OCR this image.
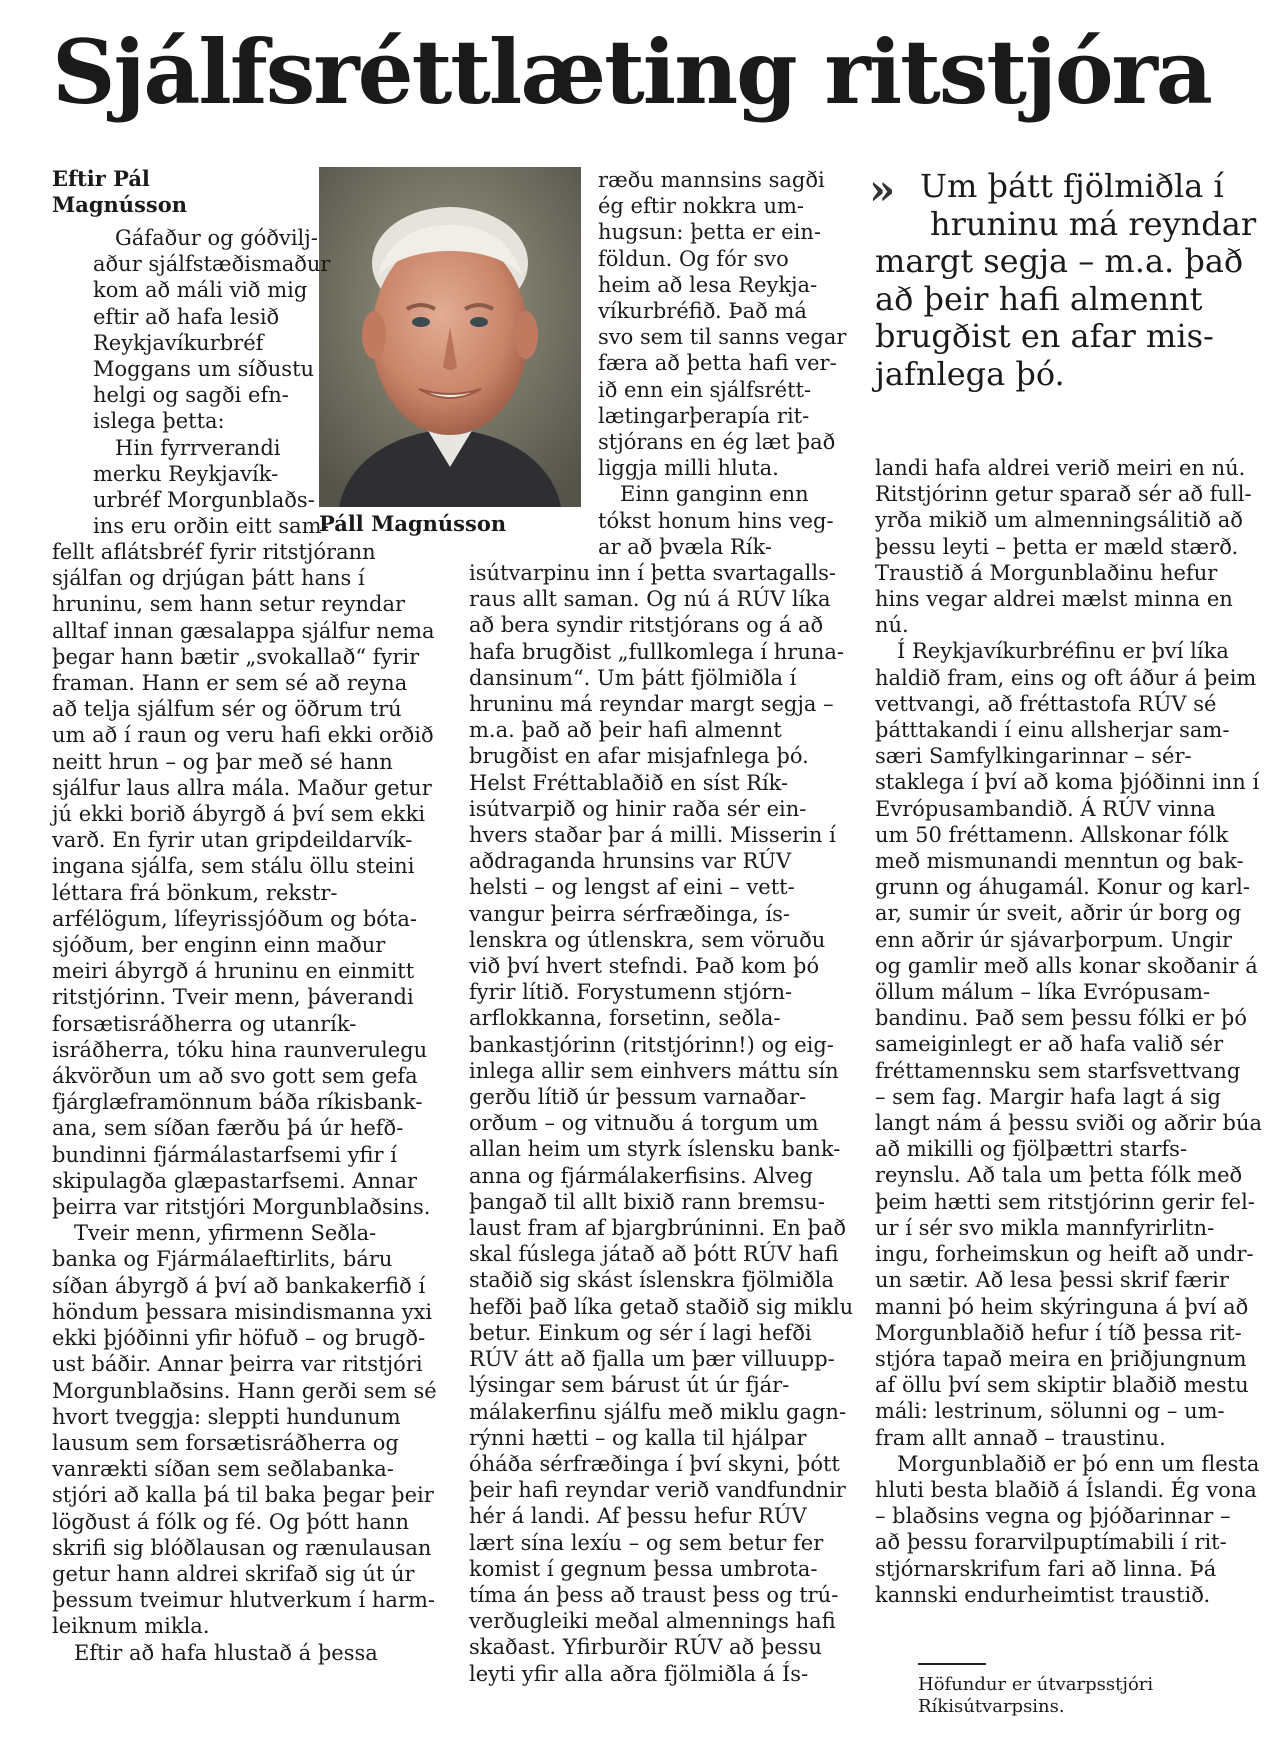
Sjálfsréttlæting ritstjóra
Eftir Pál
Magnússon
Páll Magnússon
Gáfaður og góðvilj-
aður sjálfstæðismaður
kom að máli við mig
eftir að hafa lesið
Reykjavíkurbréf
Moggans um síðustu
helgi og sagði efn-
islega þetta:
Hin fyrrverandi
merku Reykjavík-
urbréf Morgunblaðs-
ins eru orðin eitt sam-
fellt aflátsbréf fyrir ritstjórann
sjálfan og drjúgan þátt hans í
hruninu, sem hann setur reyndar
alltaf innan gæsalappa sjálfur nema
þegar hann bætir „svokallað“ fyrir
framan. Hann er sem sé að reyna
að telja sjálfum sér og öðrum trú
um að í raun og veru hafi ekki orðið
neitt hrun – og þar með sé hann
sjálfur laus allra mála. Maður getur
jú ekki borið ábyrgð á því sem ekki
varð. En fyrir utan gripdeildarvík-
ingana sjálfa, sem stálu öllu steini
léttara frá bönkum, rekstr-
arfélögum, lífeyrissjóðum og bóta-
sjóðum, ber enginn einn maður
meiri ábyrgð á hruninu en einmitt
ritstjórinn. Tveir menn, þáverandi
forsætisráðherra og utanrík-
isráðherra, tóku hina raunverulegu
ákvörðun um að svo gott sem gefa
fjárglæframönnum báða ríkisbank-
ana, sem síðan færðu þá úr hefð-
bundinni fjármálastarfsemi yfir í
skipulagða glæpastarfsemi. Annar
þeirra var ritstjóri Morgunblaðsins.
Tveir menn, yfirmenn Seðla-
banka og Fjármálaeftirlits, báru
síðan ábyrgð á því að bankakerfið í
höndum þessara misindismanna yxi
ekki þjóðinni yfir höfuð – og brugð-
ust báðir. Annar þeirra var ritstjóri
Morgunblaðsins. Hann gerði sem sé
hvort tveggja: sleppti hundunum
lausum sem forsætisráðherra og
vanrækti síðan sem seðlabanka-
stjóri að kalla þá til baka þegar þeir
lögðust á fólk og fé. Og þótt hann
skrifi sig blóðlausan og rænulausan
getur hann aldrei skrifað sig út úr
þessum tveimur hlutverkum í harm-
leiknum mikla.
Eftir að hafa hlustað á þessa
ræðu mannsins sagði
ég eftir nokkra um-
hugsun: þetta er ein-
földun. Og fór svo
heim að lesa Reykja-
víkurbréfið. Það má
svo sem til sanns vegar
færa að þetta hafi ver-
ið enn ein sjálfsrétt-
lætingarþerapía rit-
stjórans en ég læt það
liggja milli hluta.
Einn ganginn enn
tókst honum hins veg-
ar að þvæla Rík-
isútvarpinu inn í þetta svartagalls-
raus allt saman. Og nú á RÚV líka
að bera syndir ritstjórans og á að
hafa brugðist „fullkomlega í hruna-
dansinum“. Um þátt fjölmiðla í
hruninu má reyndar margt segja –
m.a. það að þeir hafi almennt
brugðist en afar misjafnlega þó.
Helst Fréttablaðið en síst Rík-
isútvarpið og hinir raða sér ein-
hvers staðar þar á milli. Misserin í
aðdraganda hrunsins var RÚV
helsti – og lengst af eini – vett-
vangur þeirra sérfræðinga, ís-
lenskra og útlenskra, sem vöruðu
við því hvert stefndi. Það kom þó
fyrir lítið. Forystumenn stjórn-
arflokkanna, forsetinn, seðla-
bankastjórinn (ritstjórinn!) og eig-
inlega allir sem einhvers máttu sín
gerðu lítið úr þessum varnaðar-
orðum – og vitnuðu á torgum um
allan heim um styrk íslensku bank-
anna og fjármálakerfisins. Alveg
þangað til allt bixið rann bremsu-
laust fram af bjargbrúninni. En það
skal fúslega játað að þótt RÚV hafi
staðið sig skást íslenskra fjölmiðla
hefði það líka getað staðið sig miklu
betur. Einkum og sér í lagi hefði
RÚV átt að fjalla um þær villuupp-
lýsingar sem bárust út úr fjár-
málakerfinu sjálfu með miklu gagn-
rýnni hætti – og kalla til hjálpar
óháða sérfræðinga í því skyni, þótt
þeir hafi reyndar verið vandfundnir
hér á landi. Af þessu hefur RÚV
lært sína lexíu – og sem betur fer
komist í gegnum þessa umbrota-
tíma án þess að traust þess og trú-
verðugleiki meðal almennings hafi
skaðast. Yfirburðir RÚV að þessu
leyti yfir alla aðra fjölmiðla á Ís-
» Um þátt fjölmiðla í
hruninu má reyndar
margt segja – m.a. það
að þeir hafi almennt
brugðist en afar mis-
jafnlega þó.
landi hafa aldrei verið meiri en nú.
Ritstjórinn getur sparað sér að full-
yrða mikið um almenningsálitið að
þessu leyti – þetta er mæld stærð.
Traustið á Morgunblaðinu hefur
hins vegar aldrei mælst minna en
nú.
Í Reykjavíkurbréfinu er því líka
haldið fram, eins og oft áður á þeim
vettvangi, að fréttastofa RÚV sé
þátttakandi í einu allsherjar sam-
særi Samfylkingarinnar – sér-
staklega í því að koma þjóðinni inn í
Evrópusambandið. Á RÚV vinna
um 50 fréttamenn. Allskonar fólk
með mismunandi menntun og bak-
grunn og áhugamál. Konur og karl-
ar, sumir úr sveit, aðrir úr borg og
enn aðrir úr sjávarþorpum. Ungir
og gamlir með alls konar skoðanir á
öllum málum – líka Evrópusam-
bandinu. Það sem þessu fólki er þó
sameiginlegt er að hafa valið sér
fréttamennsku sem starfsvettvang
– sem fag. Margir hafa lagt á sig
langt nám á þessu sviði og aðrir búa
að mikilli og fjölþættri starfs-
reynslu. Að tala um þetta fólk með
þeim hætti sem ritstjórinn gerir fel-
ur í sér svo mikla mannfyrirlitn-
ingu, forheimskun og heift að undr-
un sætir. Að lesa þessi skrif færir
manni þó heim skýringuna á því að
Morgunblaðið hefur í tíð þessa rit-
stjóra tapað meira en þriðjungnum
af öllu því sem skiptir blaðið mestu
máli: lestrinum, sölunni og – um-
fram allt annað – traustinu.
Morgunblaðið er þó enn um flesta
hluti besta blaðið á Íslandi. Ég vona
– blaðsins vegna og þjóðarinnar –
að þessu forarvilpuptímabili í rit-
stjórnarskrifum fari að linna. Þá
kannski endurheimtist traustið.
Höfundur er útvarpsstjóri
Ríkisútvarpsins.
